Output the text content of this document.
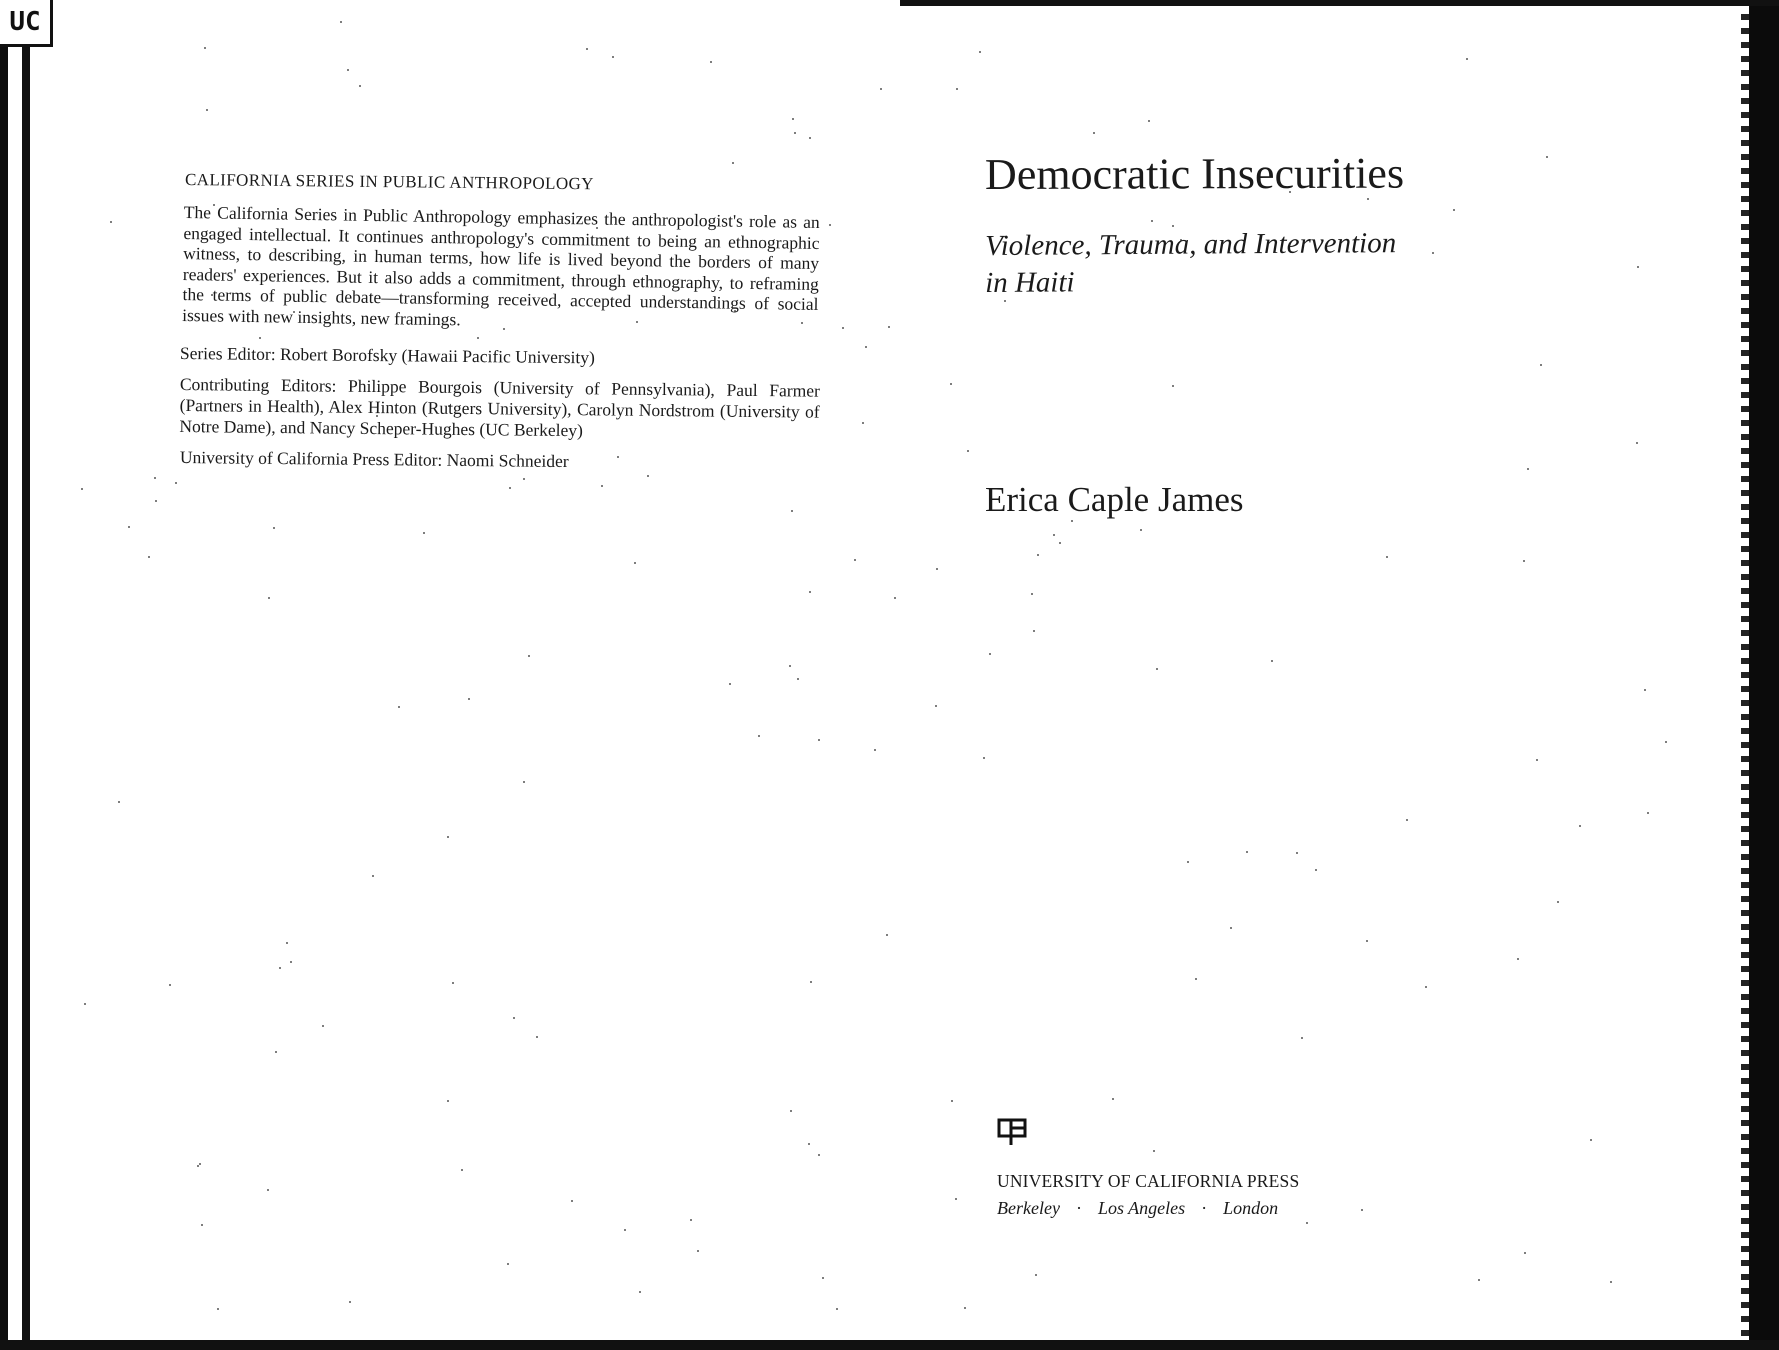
UC
CALIFORNIA SERIES IN PUBLIC ANTHROPOLOGY
The California Series in Public Anthropology emphasizes the anthropologist's role as an engaged intellectual. It continues anthropology's commitment to being an ethnographic witness, to describing, in human terms, how life is lived beyond the borders of many readers' experiences. But it also adds a commitment, through ethnography, to reframing the terms of public debate—transforming received, accepted understandings of social issues with new insights, new framings.
Series Editor: Robert Borofsky (Hawaii Pacific University)
Contributing Editors: Philippe Bourgois (University of Pennsylvania), Paul Farmer (Partners in Health), Alex Hinton (Rutgers University), Carolyn Nordstrom (University of Notre Dame), and Nancy Scheper-Hughes (UC Berkeley)
University of California Press Editor: Naomi Schneider
Democratic Insecurities
Violence, Trauma, and Intervention
in Haiti
Erica Caple James
UNIVERSITY OF CALIFORNIA PRESS
Berkeley · Los Angeles · London
